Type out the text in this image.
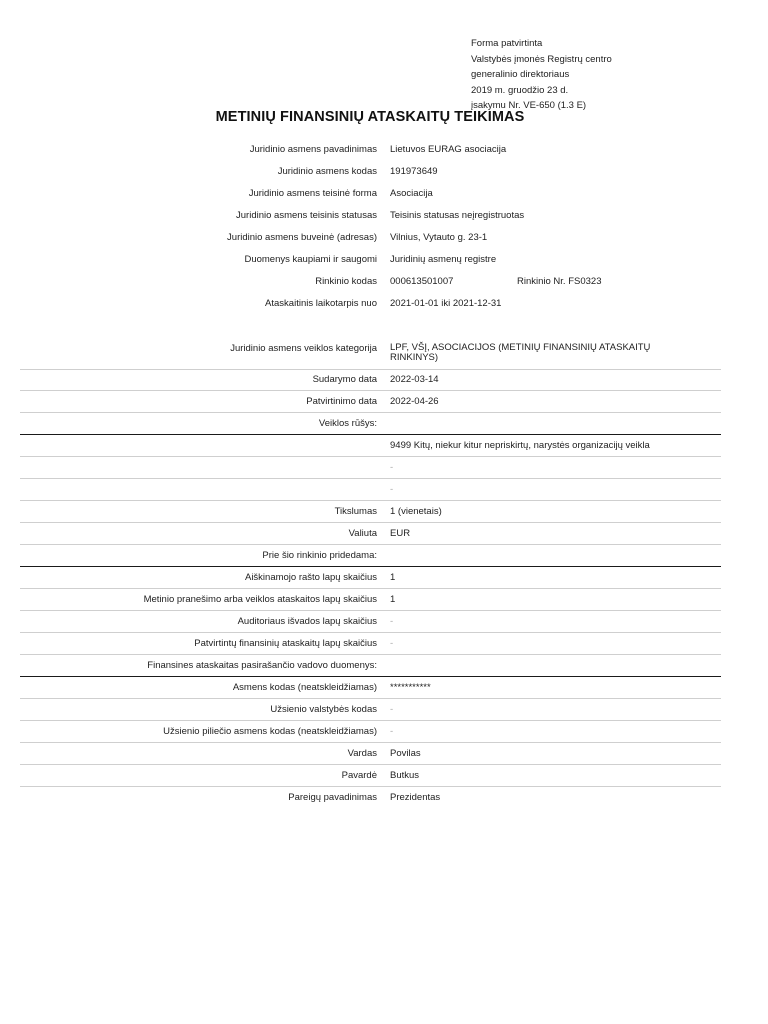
Forma patvirtinta
Valstybės įmonės Registrų centro
generalinio direktoriaus
2019 m. gruodžio 23 d.
įsakymu Nr. VE-650 (1.3 E)
METINIŲ FINANSINIŲ ATASKAITŲ TEIKIMAS
Juridinio asmens pavadinimas Lietuvos EURAG asociacija
Juridinio asmens kodas 191973649
Juridinio asmens teisinė forma Asociacija
Juridinio asmens teisinis statusas Teisinis statusas neįregistruotas
Juridinio asmens buveinė (adresas) Vilnius, Vytauto g. 23-1
Duomenys kaupiami ir saugomi Juridinių asmenų registre
Rinkinio kodas 000613501007	Rinkinio Nr. FS0323
Ataskaitinis laikotarpis nuo 2021-01-01 iki 2021-12-31
Juridinio asmens veiklos kategorija LPF, VŠĮ, ASOCIACIJOS (METINIŲ FINANSINIŲ ATASKAITŲ
RINKINYS)
Sudarymo data 2022-03-14
Patvirtinimo data 2022-04-26
Veiklos rūšys:
9499 Kitų, niekur kitur nepriskirtų, narystės organizacijų veikla
-
-
Tikslumas 1 (vienetais)
Valiuta EUR
Prie šio rinkinio pridedama:
Aiškinamojo rašto lapų skaičius 1
Metinio pranešimo arba veiklos ataskaitos lapų skaičius 1
Auditoriaus išvados lapų skaičius -
Patvirtintų finansinių ataskaitų lapų skaičius -
Finansines ataskaitas pasirašančio vadovo duomenys:
Asmens kodas (neatskleidžiamas) ***********
Užsienio valstybės kodas -
Užsienio piliečio asmens kodas (neatskleidžiamas) -
Vardas Povilas
Pavardė Butkus
Pareigų pavadinimas Prezidentas
